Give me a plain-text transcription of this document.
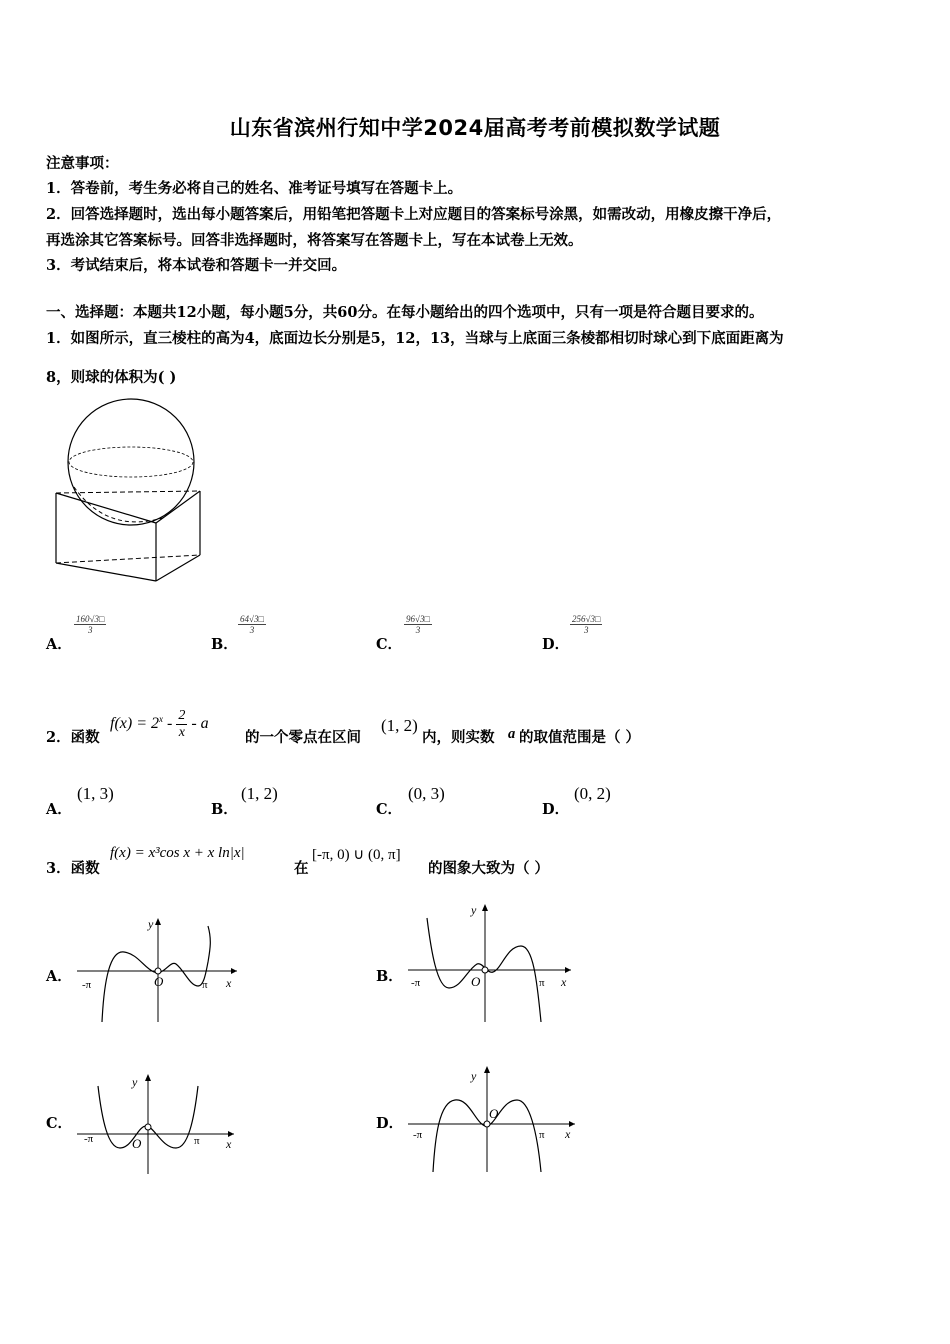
山东省滨州行知中学2024届高考考前模拟数学试题
注意事项：
1．答卷前，考生务必将自己的姓名、准考证号填写在答题卡上。
2．回答选择题时，选出每小题答案后，用铅笔把答题卡上对应题目的答案标号涂黑，如需改动，用橡皮擦干净后，
再选涂其它答案标号。回答非选择题时，将答案写在答题卡上，写在本试卷上无效。
3．考试结束后，将本试卷和答题卡一并交回。
一、选择题：本题共12小题，每小题5分，共60分。在每小题给出的四个选项中，只有一项是符合题目要求的。
1．如图所示，直三棱柱的高为4，底面边长分别是5，12，13，当球与上底面三条棱都相切时球心到下底面距离为
8，则球的体积为( )
A．
$\frac{160√3□}{3}$
B．
$\frac{64√3□}{3}$
C．
$\frac{96√3□}{3}$
D．
$\frac{256√3□}{3}$
2．函数
$f(x) = 2^x - \frac{2}{x} - a$
的一个零点在区间
(1, 2)
内，则实数 a 的取值范围是（ ）
A．
(1, 3)
B．
(1, 2)
C．
(0, 3)
D．
(0, 2)
3．函数
f(x) = x³cos x + x ln|x|
在
[-π, 0) ∪ (0, π]
的图象大致为（ ）
A．
y
x
O
-π	π	B．
y
x
O
-π	π
C．
y
x
O
-π	π
D．
y
x
O
-π	π
